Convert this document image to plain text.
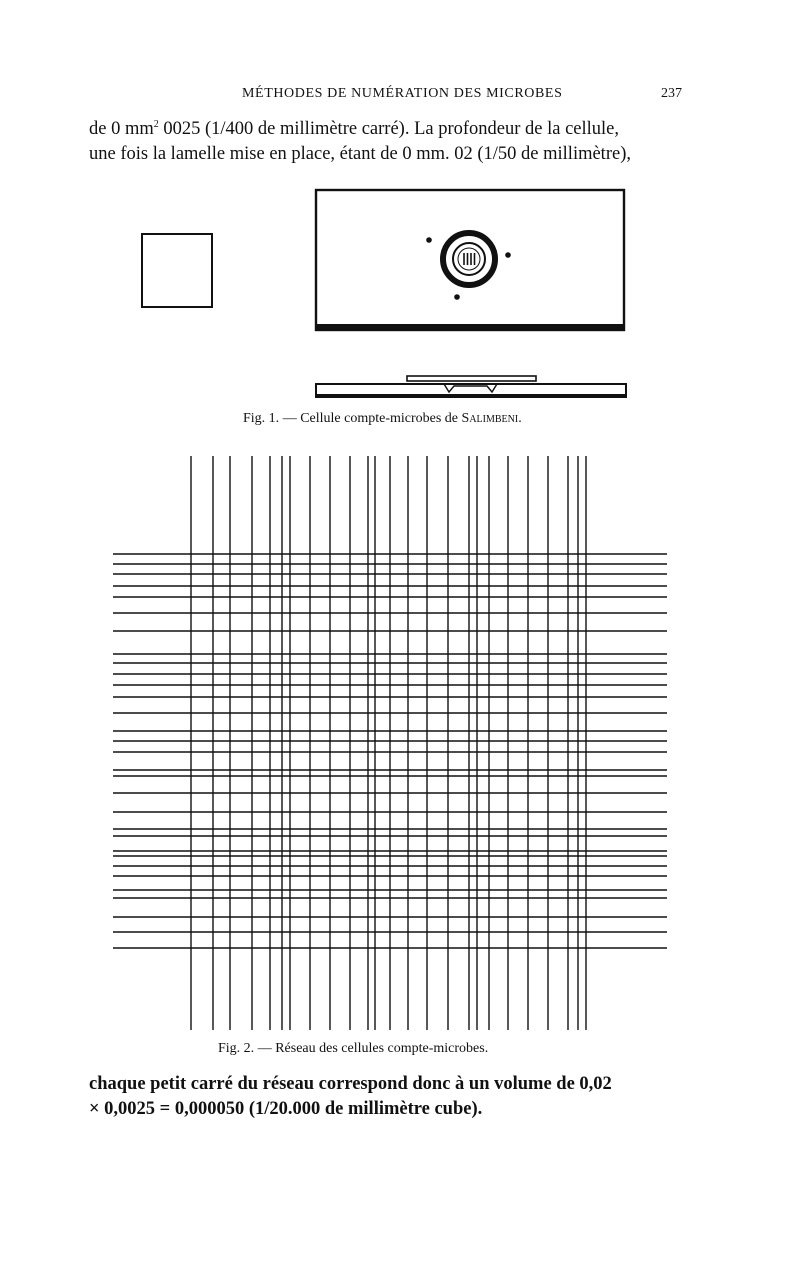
MÉTHODES DE NUMÉRATION DES MICROBES	237

de 0 $mm^2$ 0025 (1/400 de millimètre carré). La profondeur de la cellule,

une fois la lamelle mise en place, étant de 0 mm. 02 (1/50 de millimètre),

Fig. 1. — Cellule compte-microbes de Salimbeni.
Fig. 2. — Réseau des cellules compte-microbes.

chaque petit carré du réseau correspond donc à un volume de 0,02

× 0,0025 = 0,000050 (1/20.000 de millimètre cube).
